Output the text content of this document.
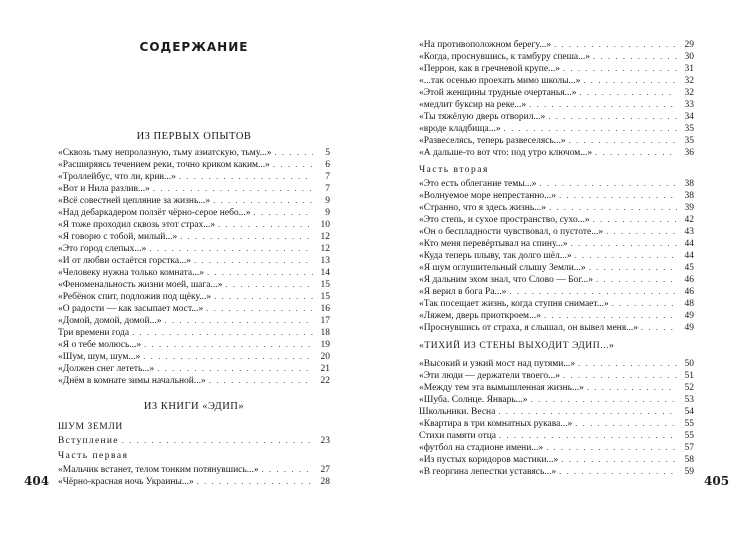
СОДЕРЖАНИЕ
ИЗ ПЕРВЫХ ОПЫТОВ
«Сквозь тьму непролазную, тьму азиатскую, тьму...» . . .	5
«Расширяясь течением реки, точно криком каким...» . . .	6
«Троллейбус, что ли, крив...» . . .	7
«Вот и Нила разлив...» . . .	7
«Всё совестней цепляние за жизнь...» . . .	9
«Над дебаркадером ползёт чёрно-серое небо...» . . .	9
«Я тоже проходил сквозь этот страх...» . . .	10
«Я говорю с тобой, милый...» . . .	12
«Это город слепых...» . . .	12
«И от любви остаётся горстка...» . . .	13
«Человеку нужна только комната...» . . .	14
«Феноменальность жизни моей, шага...» . . .	15
«Ребёнок спит, подложив под щёку...» . . .	15
«О радости — как засыпает мост...» . . .	16
«Домой, домой, домой...» . . .	17
Три времени года . . .	18
«Я о тебе молюсь...» . . .	19
«Шум, шум, шум...» . . .	20
«Должен снег лететь...» . . .	21
«Днём в комнате зимы начальной...» . . .	22
ИЗ КНИГИ «ЭДИП»
ШУМ ЗЕМЛИ
Вступление . . .	23
Часть первая
«Мальчик встанет, телом тонким потянувшись...» . . .	27
«Чёрно-красная ночь Украины...» . . .	28
«На противоположном берегу...» . . .	29
«Когда, проснувшись, к тамбуру спеша...» . . .	30
«Перрон, как в гречневой крупе...» . . .	31
«...так осенью проехать мимо школы...» . . .	32
«Этой женщины трудные очертанья...» . . .	32
«медлит буксир на реке...» . . .	33
«Ты тяжёлую дверь отворил...» . . .	34
«вроде кладбища...» . . .	35
«Развеселясь, теперь развеселясь...» . . .	35
«А дальше-то вот что: под утро ключом...» . . .	36
Часть вторая
«Это есть облегание темы...» . . .	38
«Волнуемое море непрестанно...» . . .	38
«Странно, что я здесь жизнь...» . . .	39
«Это степь, и сухое пространство, сухо...» . . .	42
«Он о беспладности чувствовал, о пустоте...» . . .	43
«Кто меня перевёртывал на спину...» . . .	44
«Куда теперь плыву, так долго шёл...» . . .	44
«Я шум оглушительный слышу Земли...» . . .	45
«Я дальним эхом знал, что Слово — Бог...» . . .	46
«Я верил в бога Ра...» . . .	46
«Так посещает жизнь, когда ступня снимает...» . . .	48
«Ляжем, дверь приоткроем...» . . .	49
«Проснувшись от страха, я слышал, он вывел меня...» . . .	49
«ТИХИЙ ИЗ СТЕНЫ ВЫХОДИТ ЭДИП...»
«Высокий и узкий мост над путями...» . . .	50
«Эти люди — держатели твоего...» . . .	51
«Между тем эта вымышленная жизнь...» . . .	52
«Шуба. Солнце. Январь...» . . .	53
Школьники. Весна . . .	54
«Квартира в три комнатных рукава...» . . .	55
Стихи памяти отца . . .	55
«футбол на стадионе имени...» . . .	57
«Из пустых коридоров мастики...» . . .	58
«В георгина лепестки уставясь...» . . .	59
404	405
